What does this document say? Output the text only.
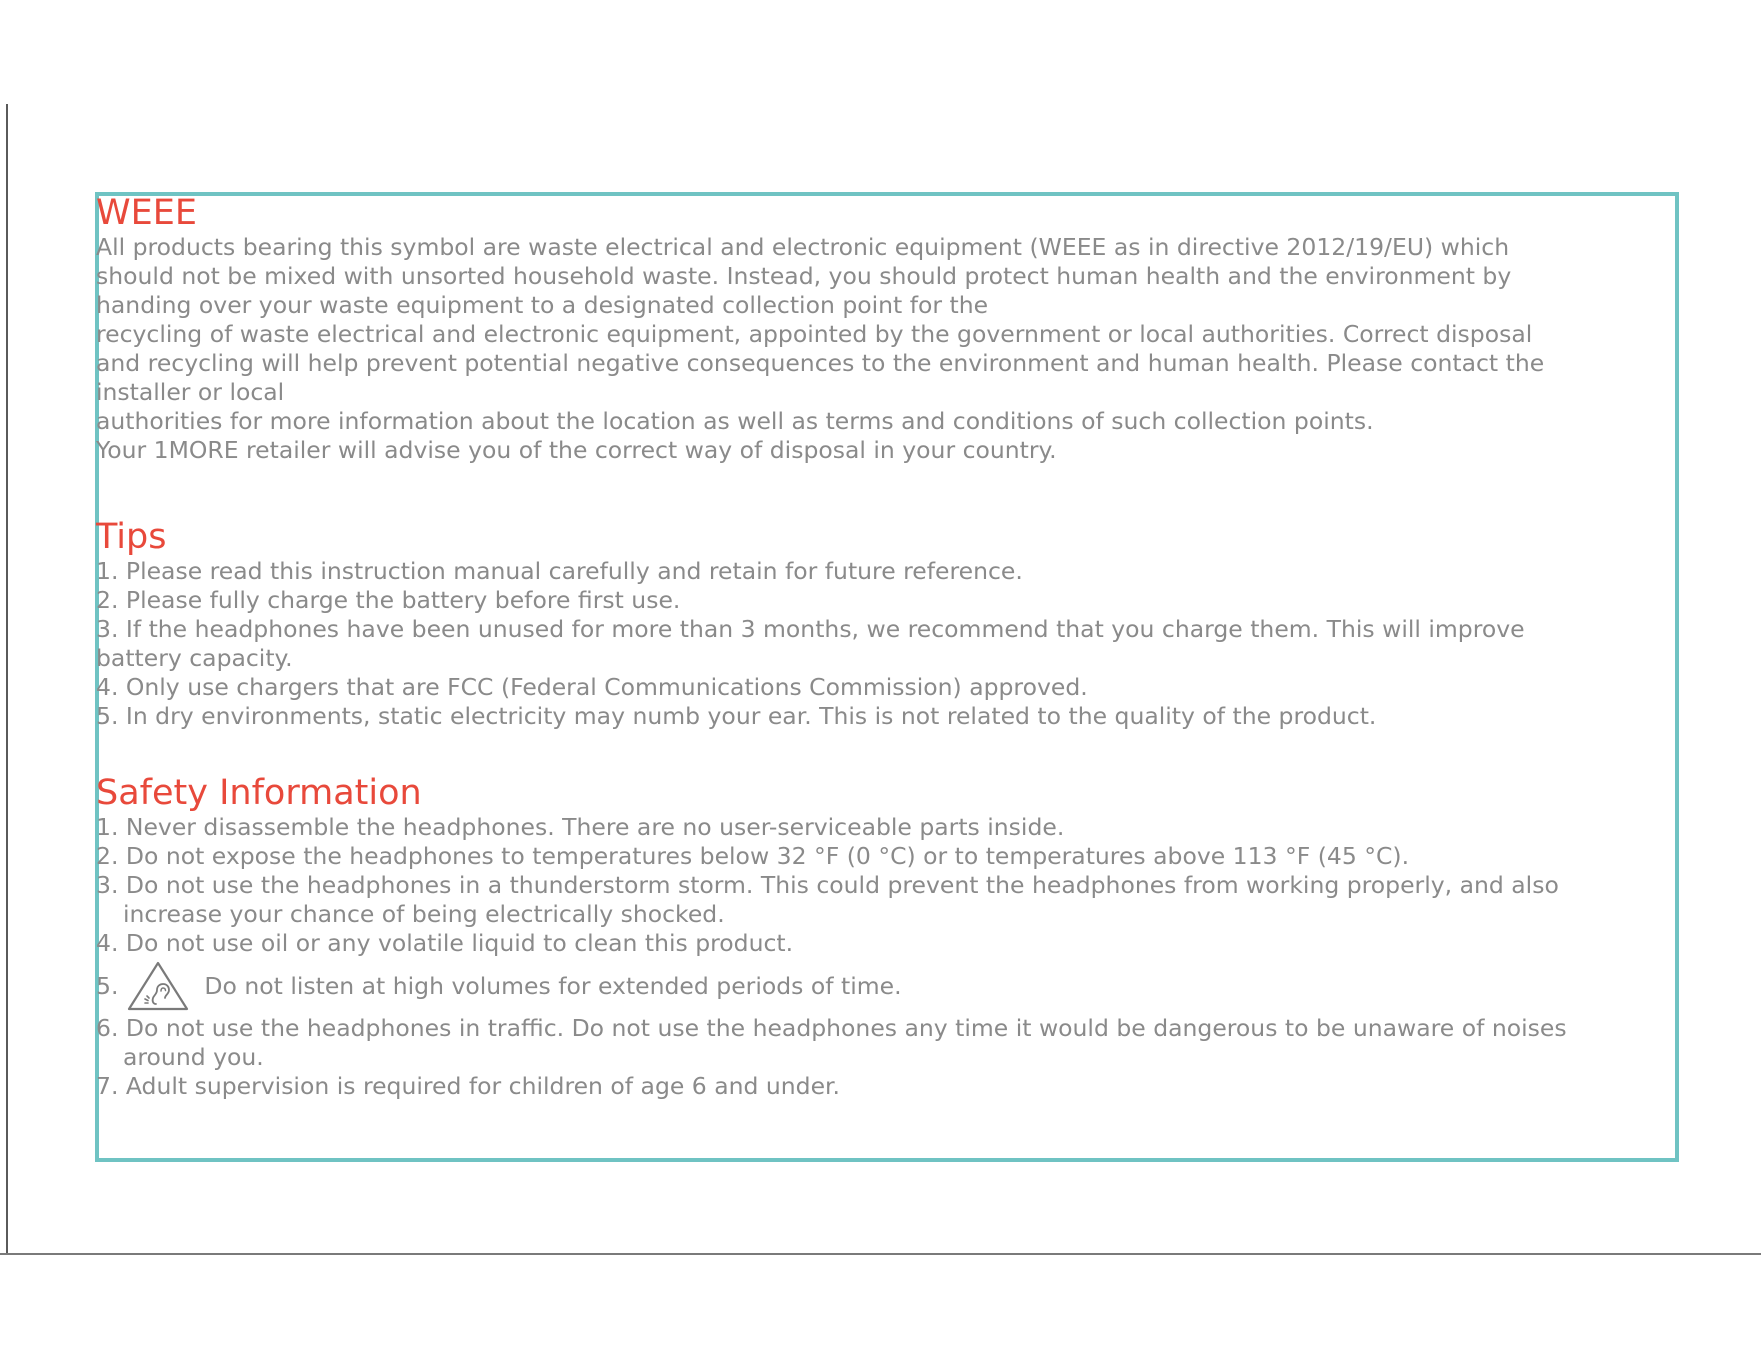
WEEE

All products bearing this symbol are waste electrical and electronic equipment (WEEE as in directive 2012/19/EU) which

should not be mixed with unsorted household waste. Instead, you should protect human health and the environment by

handing over your waste equipment to a designated collection point for the

recycling of waste electrical and electronic equipment, appointed by the government or local authorities. Correct disposal

and recycling will help prevent potential negative consequences to the environment and human health. Please contact the

installer or local

authorities for more information about the location as well as terms and conditions of such collection points.

Your 1MORE retailer will advise you of the correct way of disposal in your country.

Tips

1. Please read this instruction manual carefully and retain for future reference.

2. Please fully charge the battery before first use.

3. If the headphones have been unused for more than 3 months, we recommend that you charge them. This will improve

battery capacity.

4. Only use chargers that are FCC (Federal Communications Commission) approved.

5. In dry environments, static electricity may numb your ear. This is not related to the quality of the product.

Safety Information

1. Never disassemble the headphones. There are no user-serviceable parts inside.

2. Do not expose the headphones to temperatures below 32 °F (0 °C) or to temperatures above 113 °F (45 °C).

3. Do not use the headphones in a thunderstorm storm. This could prevent the headphones from working properly, and also

increase your chance of being electrically shocked.

4. Do not use oil or any volatile liquid to clean this product.

5.	Do not listen at high volumes for extended periods of time.

6. Do not use the headphones in traffic. Do not use the headphones any time it would be dangerous to be unaware of noises

around you.

7. Adult supervision is required for children of age 6 and under.
